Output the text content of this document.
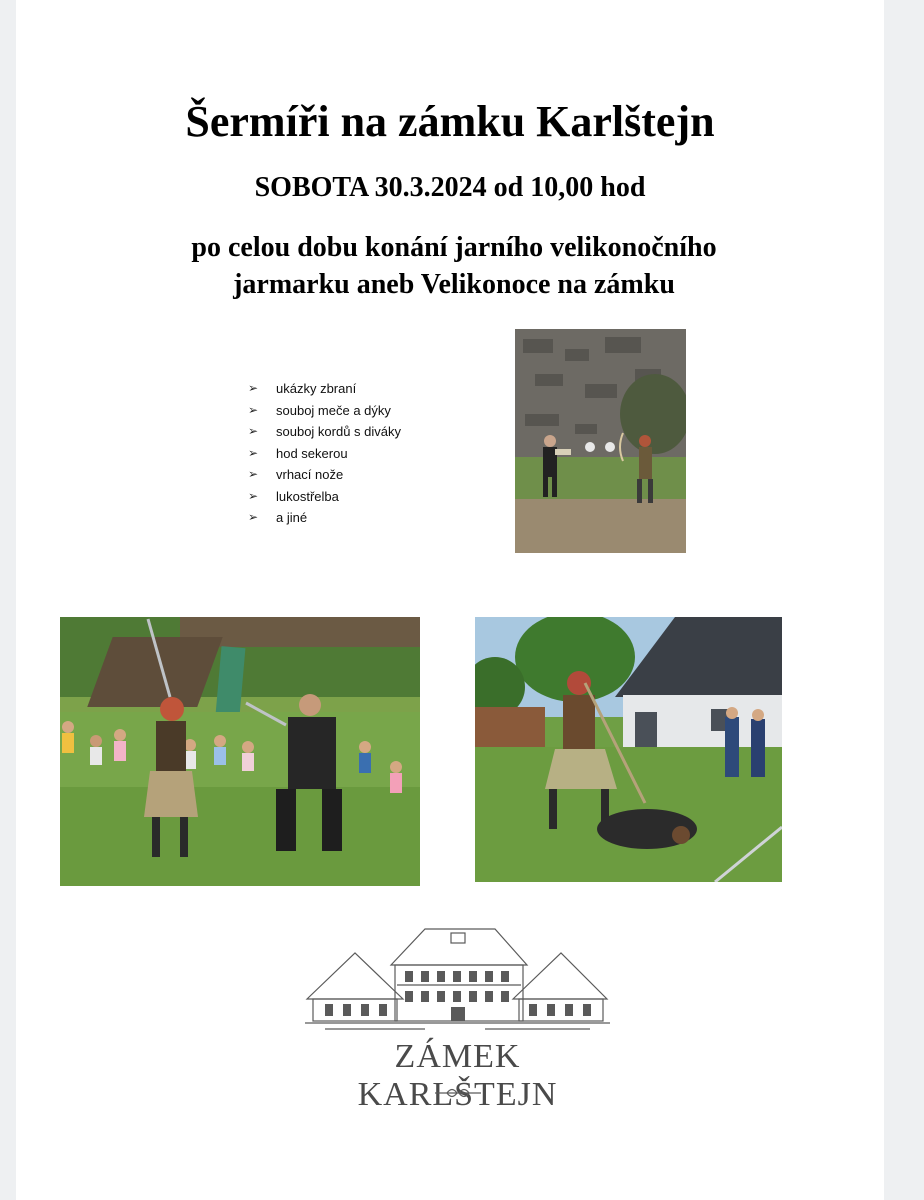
Šermíři na zámku Karlštejn
SOBOTA 30.3.2024 od 10,00 hod
po celou dobu konání jarního velikonočního
jarmarku aneb Velikonoce na zámku
➢	ukázky zbraní
➢	souboj meče a dýky
➢	souboj kordů s diváky
➢	hod sekerou
➢	vrhací nože
➢	lukostřelba
➢	a jiné
ZÁMEK KARLŠTEJN
